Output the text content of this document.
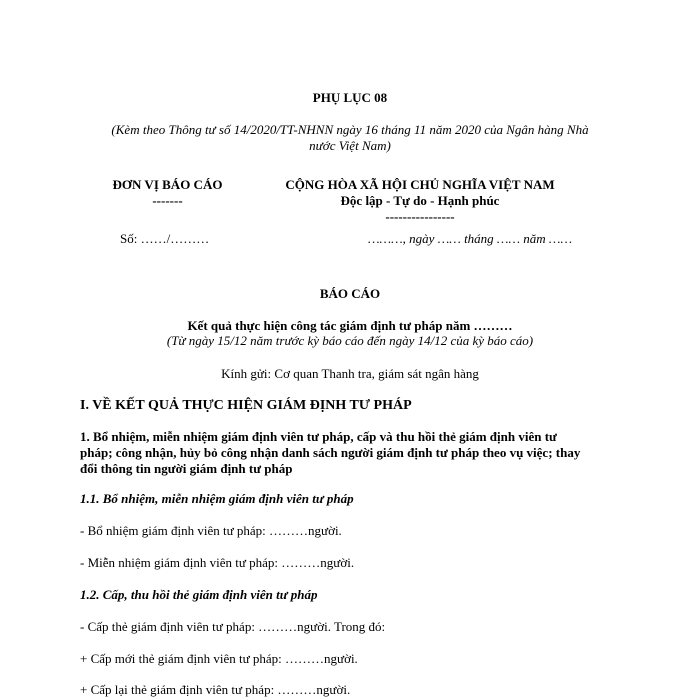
PHỤ LỤC 08
(Kèm theo Thông tư số 14/2020/TT-NHNN ngày 16 tháng 11 năm 2020 của Ngân hàng Nhà
nước Việt Nam)
ĐƠN VỊ BÁO CÁO
-------
CỘNG HÒA XÃ HỘI CHỦ NGHĨA VIỆT NAM
Độc lập - Tự do - Hạnh phúc
----------------
Số: ……/………	………, ngày …… tháng …… năm ……
BÁO CÁO
Kết quả thực hiện công tác giám định tư pháp năm ………
(Từ ngày 15/12 năm trước kỳ báo cáo đến ngày 14/12 của kỳ báo cáo)
Kính gửi: Cơ quan Thanh tra, giám sát ngân hàng
I. VỀ KẾT QUẢ THỰC HIỆN GIÁM ĐỊNH TƯ PHÁP
1. Bổ nhiệm, miễn nhiệm giám định viên tư pháp, cấp và thu hồi thẻ giám định viên tư
pháp; công nhận, hủy bỏ công nhận danh sách người giám định tư pháp theo vụ việc; thay
đổi thông tin người giám định tư pháp
1.1. Bổ nhiệm, miễn nhiệm giám định viên tư pháp
- Bổ nhiệm giám định viên tư pháp: ………người.
- Miễn nhiệm giám định viên tư pháp: ………người.
1.2. Cấp, thu hồi thẻ giám định viên tư pháp
- Cấp thẻ giám định viên tư pháp: ………người. Trong đó:
+ Cấp mới thẻ giám định viên tư pháp: ………người.
+ Cấp lại thẻ giám định viên tư pháp: ………người.
